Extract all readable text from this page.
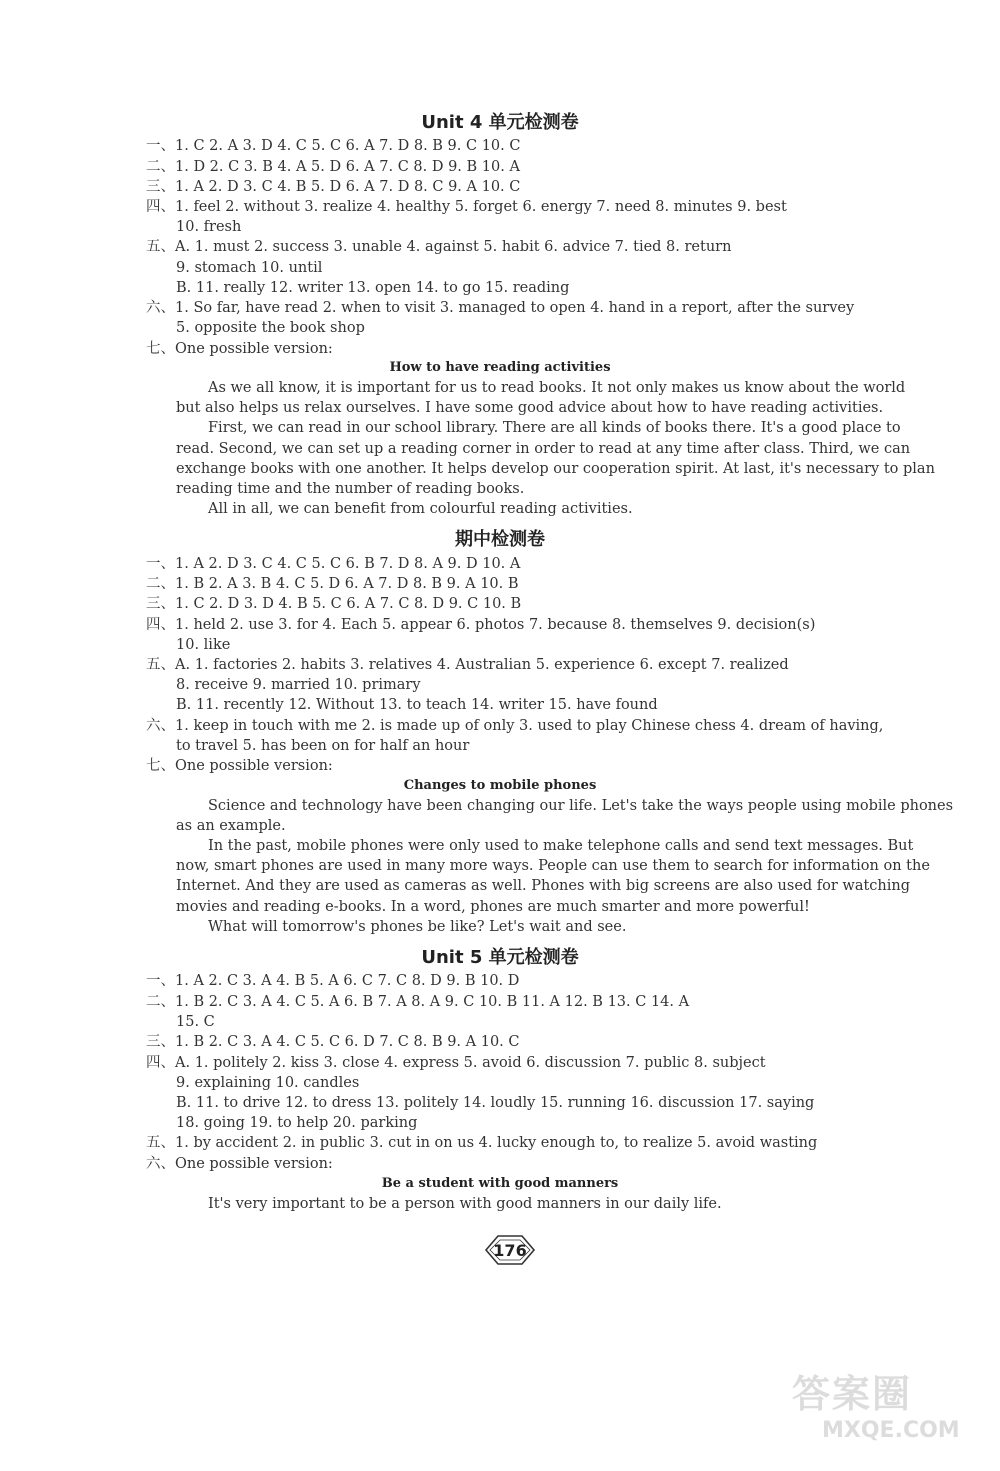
Unit 4 单元检测卷
一、1. C 2. A 3. D 4. C 5. C 6. A 7. D 8. B 9. C 10. C
二、1. D 2. C 3. B 4. A 5. D 6. A 7. C 8. D 9. B 10. A
三、1. A 2. D 3. C 4. B 5. D 6. A 7. D 8. C 9. A 10. C
四、1. feel 2. without 3. realize 4. healthy 5. forget 6. energy 7. need 8. minutes 9. best
10. fresh
五、A. 1. must 2. success 3. unable 4. against 5. habit 6. advice 7. tied 8. return
9. stomach 10. until
B. 11. really 12. writer 13. open 14. to go 15. reading
六、1. So far, have read 2. when to visit 3. managed to open 4. hand in a report, after the survey
5. opposite the book shop
七、One possible version:
How to have reading activities
As we all know, it is important for us to read books. It not only makes us know about the world
but also helps us relax ourselves. I have some good advice about how to have reading activities.
First, we can read in our school library. There are all kinds of books there. It's a good place to
read. Second, we can set up a reading corner in order to read at any time after class. Third, we can
exchange books with one another. It helps develop our cooperation spirit. At last, it's necessary to plan
reading time and the number of reading books.
All in all, we can benefit from colourful reading activities.
期中检测卷
一、1. A 2. D 3. C 4. C 5. C 6. B 7. D 8. A 9. D 10. A
二、1. B 2. A 3. B 4. C 5. D 6. A 7. D 8. B 9. A 10. B
三、1. C 2. D 3. D 4. B 5. C 6. A 7. C 8. D 9. C 10. B
四、1. held 2. use 3. for 4. Each 5. appear 6. photos 7. because 8. themselves 9. decision(s)
10. like
五、A. 1. factories 2. habits 3. relatives 4. Australian 5. experience 6. except 7. realized
8. receive 9. married 10. primary
B. 11. recently 12. Without 13. to teach 14. writer 15. have found
六、1. keep in touch with me 2. is made up of only 3. used to play Chinese chess 4. dream of having,
to travel 5. has been on for half an hour
七、One possible version:
Changes to mobile phones
Science and technology have been changing our life. Let's take the ways people using mobile phones
as an example.
In the past, mobile phones were only used to make telephone calls and send text messages. But
now, smart phones are used in many more ways. People can use them to search for information on the
Internet. And they are used as cameras as well. Phones with big screens are also used for watching
movies and reading e-books. In a word, phones are much smarter and more powerful!
What will tomorrow's phones be like? Let's wait and see.
Unit 5 单元检测卷
一、1. A 2. C 3. A 4. B 5. A 6. C 7. C 8. D 9. B 10. D
二、1. B 2. C 3. A 4. C 5. A 6. B 7. A 8. A 9. C 10. B 11. A 12. B 13. C 14. A
15. C
三、1. B 2. C 3. A 4. C 5. C 6. D 7. C 8. B 9. A 10. C
四、A. 1. politely 2. kiss 3. close 4. express 5. avoid 6. discussion 7. public 8. subject
9. explaining 10. candles
B. 11. to drive 12. to dress 13. politely 14. loudly 15. running 16. discussion 17. saying
18. going 19. to help 20. parking
五、1. by accident 2. in public 3. cut in on us 4. lucky enough to, to realize 5. avoid wasting
六、One possible version:
Be a student with good manners
It's very important to be a person with good manners in our daily life.
176
答案圈
MXQE.COM
